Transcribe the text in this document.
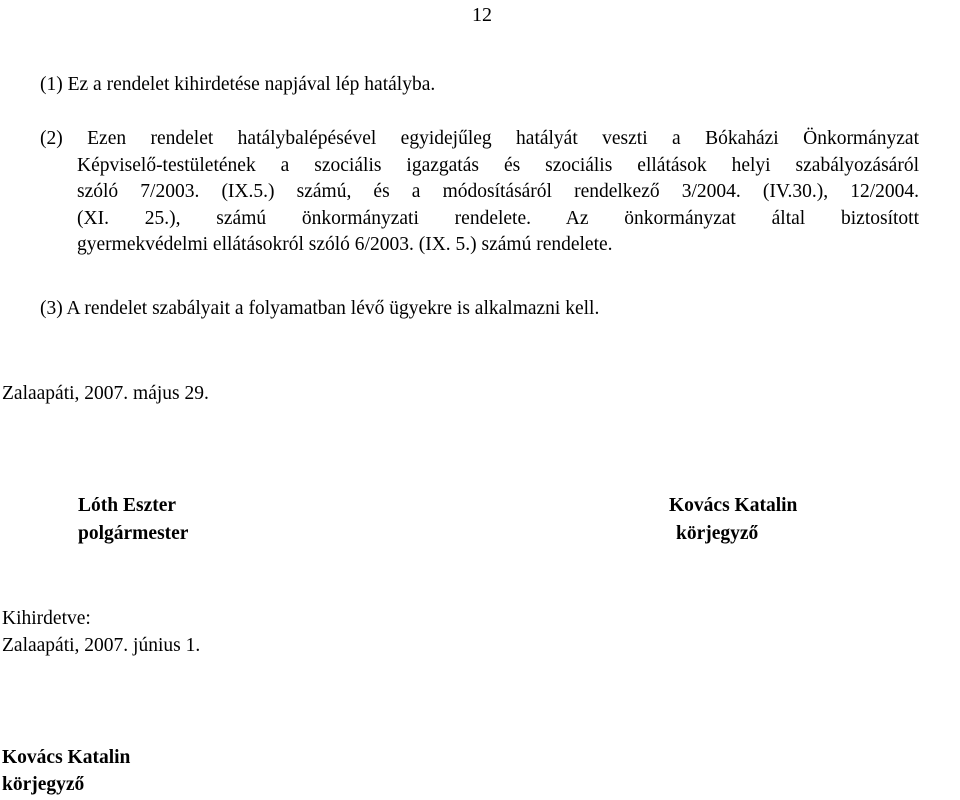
12
(1) Ez a rendelet kihirdetése napjával lép hatályba.
(2) Ezen rendelet hatálybalépésével egyidejűleg hatályát veszti a Bókaházi Önkormányzat
Képviselő-testületének a szociális igazgatás és szociális ellátások helyi szabályozásáról
szóló 7/2003. (IX.5.) számú, és a módosításáról rendelkező 3/2004. (IV.30.), 12/2004.
(XI. 25.), számú önkormányzati rendelete. Az önkormányzat által biztosított
gyermekvédelmi ellátásokról szóló 6/2003. (IX. 5.) számú rendelete.
(3) A rendelet szabályait a folyamatban lévő ügyekre is alkalmazni kell.
Zalaapáti, 2007. május 29.
Lóth Eszter
polgármester
Kovács Katalin
körjegyző
Kihirdetve:
Zalaapáti, 2007. június 1.
Kovács Katalin
körjegyző
